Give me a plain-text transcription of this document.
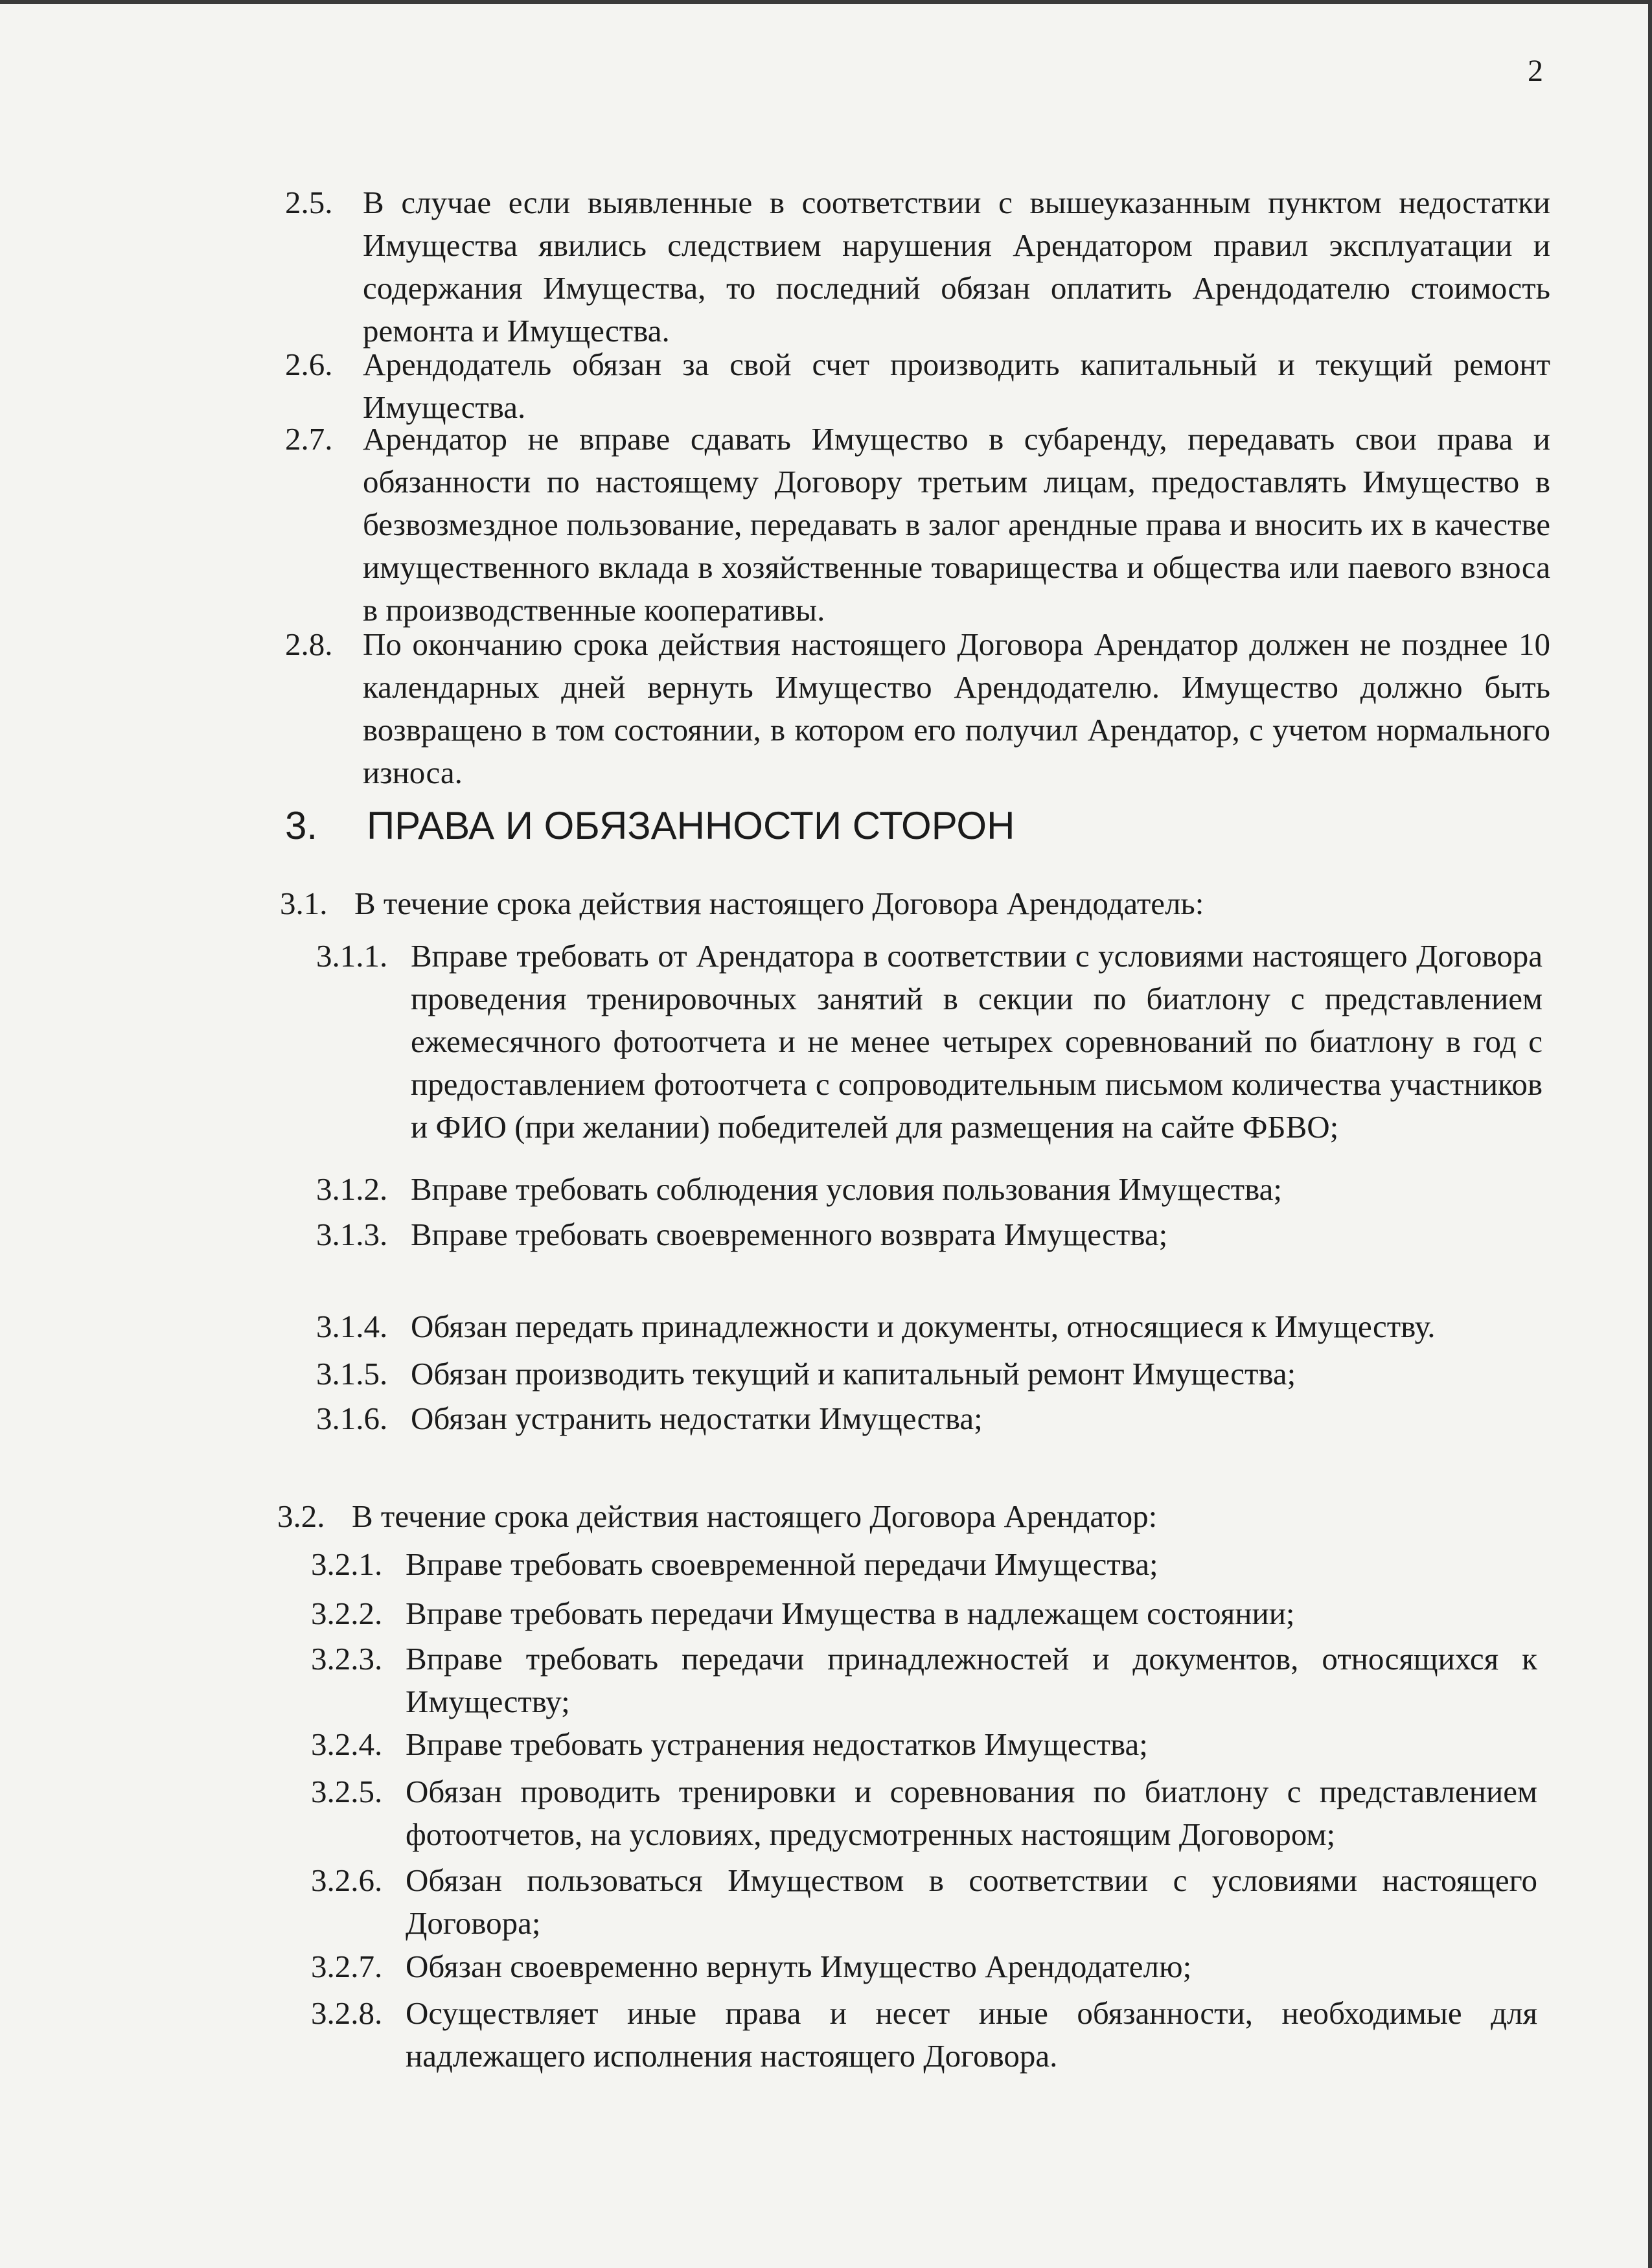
2
2.5. В случае если выявленные в соответствии с вышеуказанным пунктом недостатки Имущества явились следствием нарушения Арендатором правил эксплуатации и содержания Имущества, то последний обязан оплатить Арендодателю стоимость ремонта и Имущества.
2.6. Арендодатель обязан за свой счет производить капитальный и текущий ремонт Имущества.
2.7. Арендатор не вправе сдавать Имущество в субаренду, передавать свои права и обязанности по настоящему Договору третьим лицам, предоставлять Имущество в безвозмездное пользование, передавать в залог арендные права и вносить их в качестве имущественного вклада в хозяйственные товарищества и общества или паевого взноса в производственные кооперативы.
2.8. По окончанию срока действия настоящего Договора Арендатор должен не позднее 10 календарных дней вернуть Имущество Арендодателю. Имущество должно быть возвращено в том состоянии, в котором его получил Арендатор, с учетом нормального износа.
3. ПРАВА И ОБЯЗАННОСТИ СТОРОН
3.1. В течение срока действия настоящего Договора Арендодатель:
3.1.1. Вправе требовать от Арендатора в соответствии с условиями настоящего Договора проведения тренировочных занятий в секции по биатлону с представлением ежемесячного фотоотчета и не менее четырех соревнований по биатлону в год с предоставлением фотоотчета с сопроводительным письмом количества участников и ФИО (при желании) победителей для размещения на сайте ФБВО;
3.1.2. Вправе требовать соблюдения условия пользования Имущества;
3.1.3. Вправе требовать своевременного возврата Имущества;
3.1.4. Обязан передать принадлежности и документы, относящиеся к Имуществу.
3.1.5. Обязан производить текущий и капитальный ремонт Имущества;
3.1.6. Обязан устранить недостатки Имущества;
3.2. В течение срока действия настоящего Договора Арендатор:
3.2.1. Вправе требовать своевременной передачи Имущества;
3.2.2. Вправе требовать передачи Имущества в надлежащем состоянии;
3.2.3. Вправе требовать передачи принадлежностей и документов, относящихся к Имуществу;
3.2.4. Вправе требовать устранения недостатков Имущества;
3.2.5. Обязан проводить тренировки и соревнования по биатлону с представлением фотоотчетов, на условиях, предусмотренных настоящим Договором;
3.2.6. Обязан пользоваться Имуществом в соответствии с условиями настоящего Договора;
3.2.7. Обязан своевременно вернуть Имущество Арендодателю;
3.2.8. Осуществляет иные права и несет иные обязанности, необходимые для надлежащего исполнения настоящего Договора.
